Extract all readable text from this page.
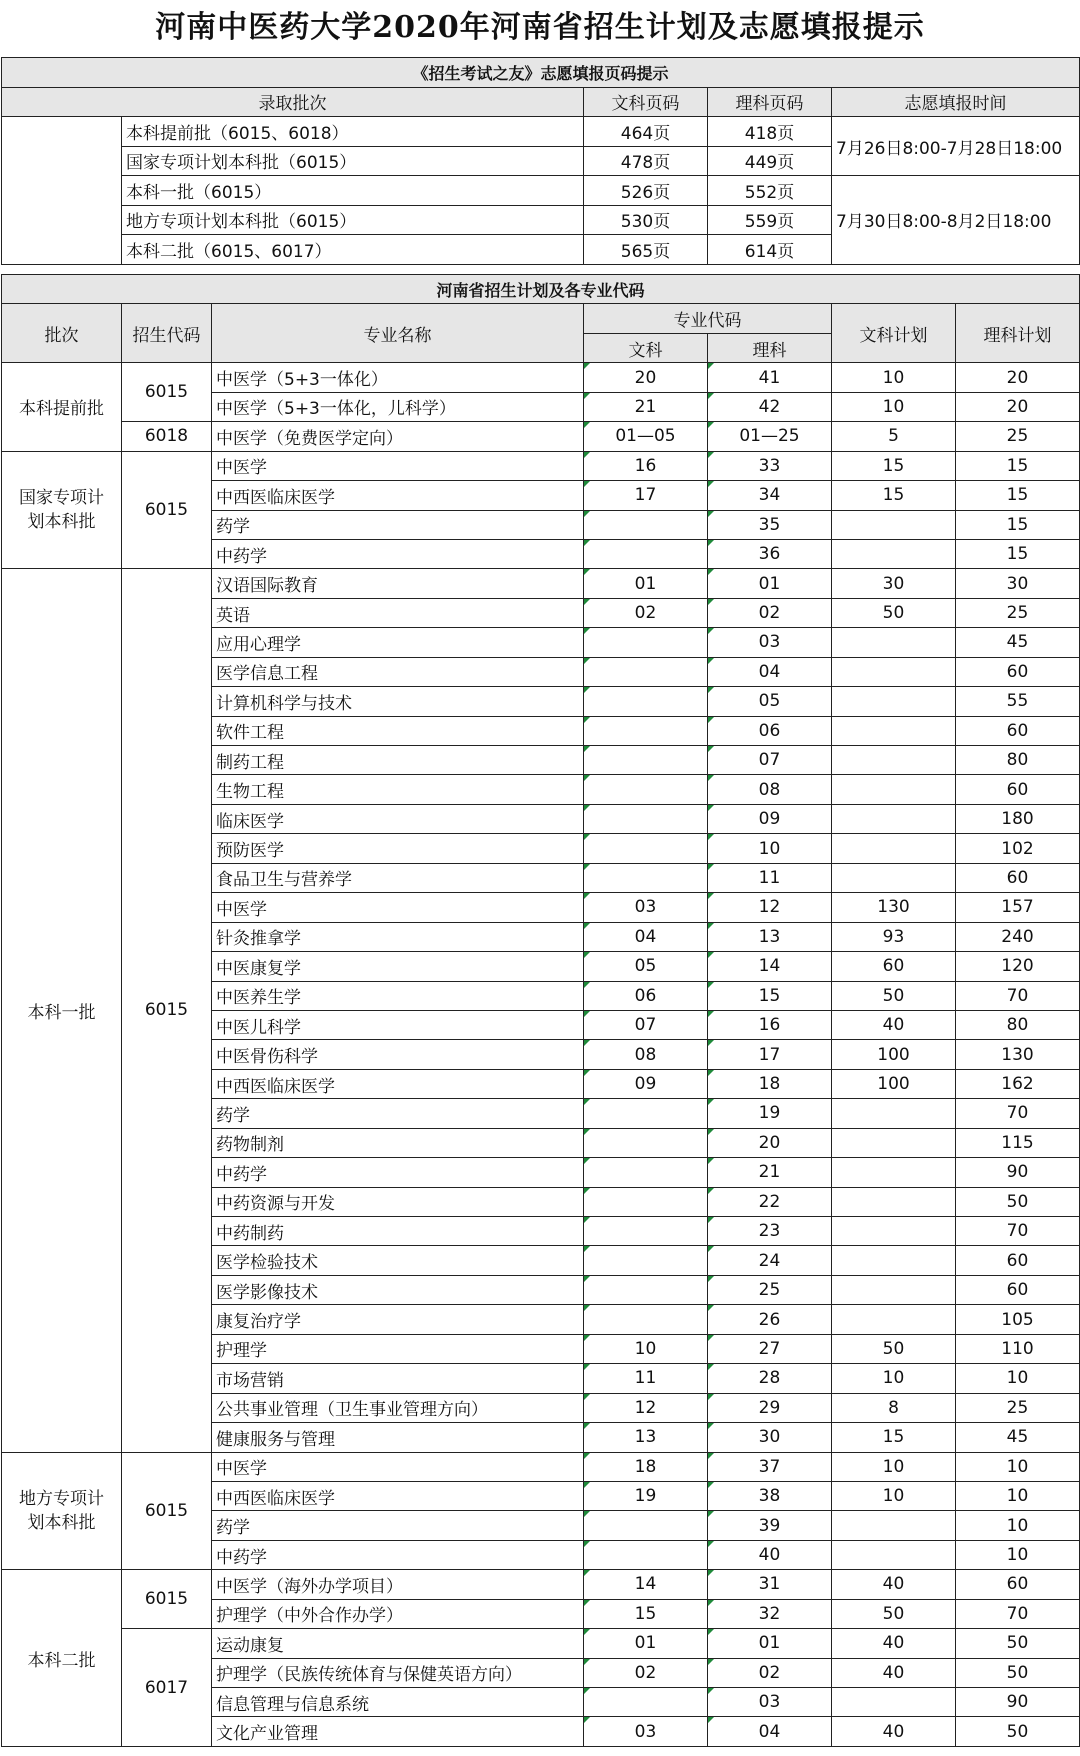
河南中医药大学2020年河南省招生计划及志愿填报提示
《招生考试之友》志愿填报页码提示				
录取批次		文科页码	理科页码	志愿填报时间
	本科提前批（6015、6018）	464页	418页	7月26日8:00-7月28日18:00
	国家专项计划本科批（6015）	478页	449页	
	本科一批（6015）	526页	552页	7月30日8:00-8月2日18:00
	地方专项计划本科批（6015）	530页	559页	
	本科二批（6015、6017）	565页	614页	
河南省招生计划及各专业代码						
批次	招生代码	专业名称	专业代码		文科计划	理科计划
			文科	理科		
本科提前批	6015	中医学（5+3一体化）	20	41	10	20
		中医学（5+3一体化，儿科学）	21	42	10	20
	6018	中医学（免费医学定向）	01—05	01—25	5	25
国家专项计划本科批	6015	中医学	16	33	15	15
		中西医临床医学	17	34	15	15
		药学		35		15
		中药学		36		15
本科一批	6015	汉语国际教育	01	01	30	30
		英语	02	02	50	25
		应用心理学		03		45
		医学信息工程		04		60
		计算机科学与技术		05		55
		软件工程		06		60
		制药工程		07		80
		生物工程		08		60
		临床医学		09		180
		预防医学		10		102
		食品卫生与营养学		11		60
		中医学	03	12	130	157
		针灸推拿学	04	13	93	240
		中医康复学	05	14	60	120
		中医养生学	06	15	50	70
		中医儿科学	07	16	40	80
		中医骨伤科学	08	17	100	130
		中西医临床医学	09	18	100	162
		药学		19		70
		药物制剂		20		115
		中药学		21		90
		中药资源与开发		22		50
		中药制药		23		70
		医学检验技术		24		60
		医学影像技术		25		60
		康复治疗学		26		105
		护理学	10	27	50	110
		市场营销	11	28	10	10
		公共事业管理（卫生事业管理方向）	12	29	8	25
		健康服务与管理	13	30	15	45
地方专项计划本科批	6015	中医学	18	37	10	10
		中西医临床医学	19	38	10	10
		药学		39		10
		中药学		40		10
本科二批	6015	中医学（海外办学项目）	14	31	40	60
		护理学（中外合作办学）	15	32	50	70
	6017	运动康复	01	01	40	50
		护理学（民族传统体育与保健英语方向）	02	02	40	50
		信息管理与信息系统		03		90
		文化产业管理	03	04	40	50
